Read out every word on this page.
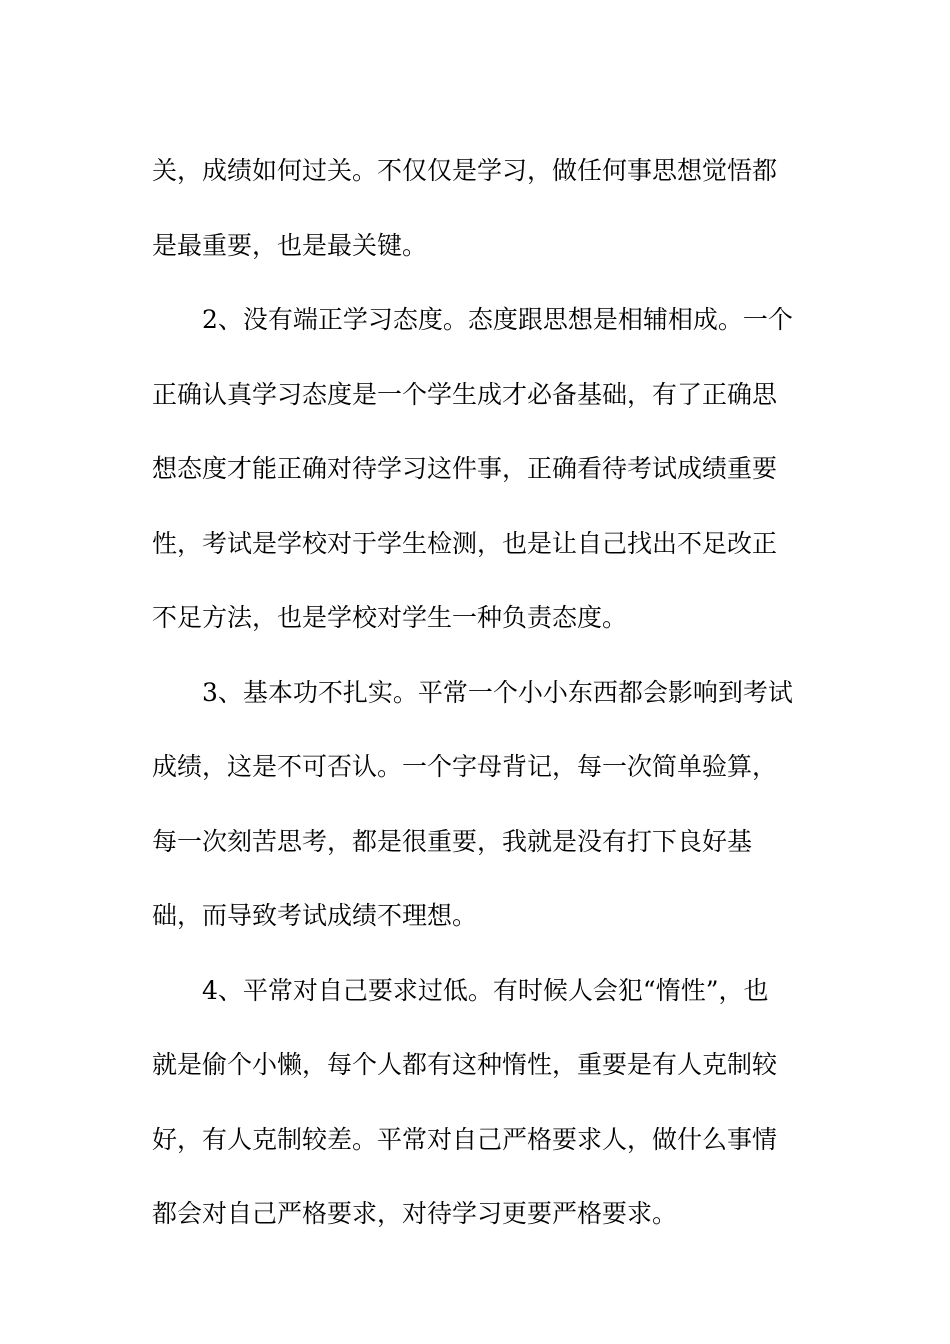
关，成绩如何过关。不仅仅是学习，做任何事思想觉悟都
是最重要，也是最关键。
2、没有端正学习态度。态度跟思想是相辅相成。一个
正确认真学习态度是一个学生成才必备基础，有了正确思
想态度才能正确对待学习这件事，正确看待考试成绩重要
性，考试是学校对于学生检测，也是让自己找出不足改正
不足方法，也是学校对学生一种负责态度。
3、基本功不扎实。平常一个小小东西都会影响到考试
成绩，这是不可否认。一个字母背记，每一次简单验算，
每一次刻苦思考，都是很重要，我就是没有打下良好基
础，而导致考试成绩不理想。
4、平常对自己要求过低。有时候人会犯“惰性”，也
就是偷个小懒，每个人都有这种惰性，重要是有人克制较
好，有人克制较差。平常对自己严格要求人，做什么事情
都会对自己严格要求，对待学习更要严格要求。
